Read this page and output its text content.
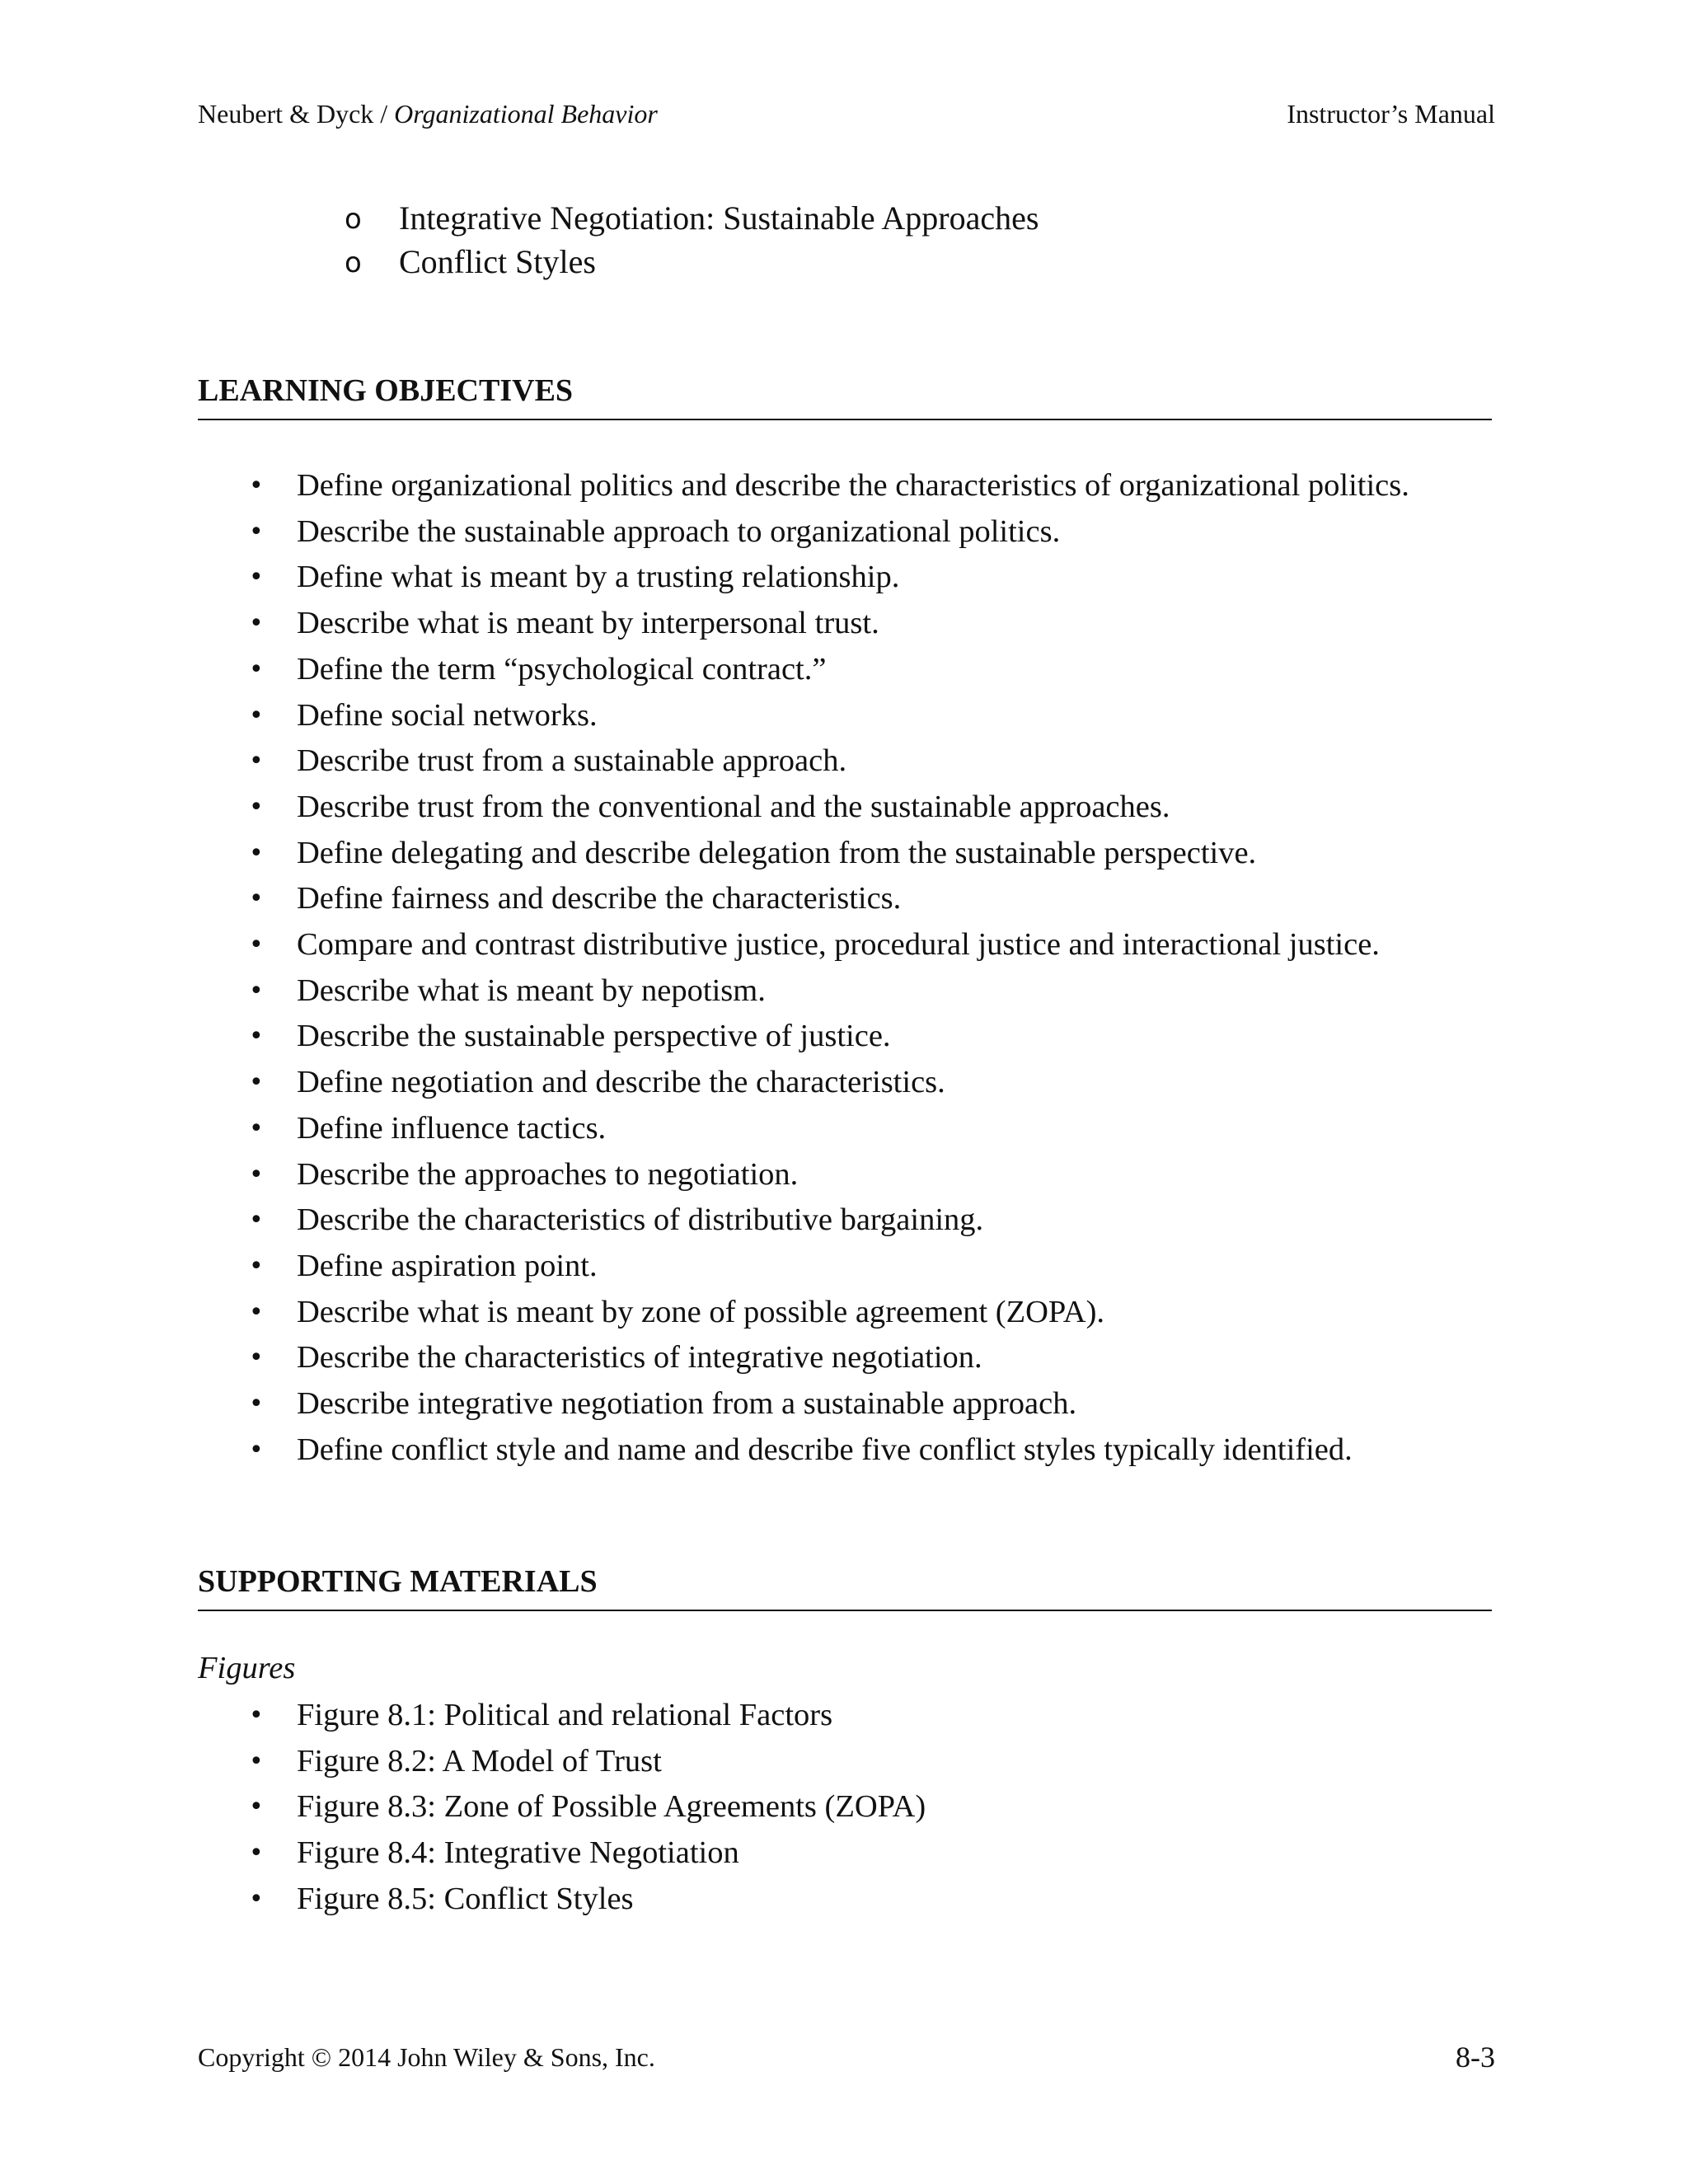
Neubert & Dyck / Organizational Behavior	Instructor’s Manual
o Integrative Negotiation: Sustainable Approaches
o Conflict Styles
LEARNING OBJECTIVES
• Define organizational politics and describe the characteristics of organizational politics.
• Describe the sustainable approach to organizational politics.
• Define what is meant by a trusting relationship.
• Describe what is meant by interpersonal trust.
• Define the term “psychological contract.”
• Define social networks.
• Describe trust from a sustainable approach.
• Describe trust from the conventional and the sustainable approaches.
• Define delegating and describe delegation from the sustainable perspective.
• Define fairness and describe the characteristics.
• Compare and contrast distributive justice, procedural justice and interactional justice.
• Describe what is meant by nepotism.
• Describe the sustainable perspective of justice.
• Define negotiation and describe the characteristics.
• Define influence tactics.
• Describe the approaches to negotiation.
• Describe the characteristics of distributive bargaining.
• Define aspiration point.
• Describe what is meant by zone of possible agreement (ZOPA).
• Describe the characteristics of integrative negotiation.
• Describe integrative negotiation from a sustainable approach.
• Define conflict style and name and describe five conflict styles typically identified.
SUPPORTING MATERIALS
Figures
• Figure 8.1: Political and relational Factors
• Figure 8.2: A Model of Trust
• Figure 8.3: Zone of Possible Agreements (ZOPA)
• Figure 8.4: Integrative Negotiation
• Figure 8.5: Conflict Styles
Copyright © 2014 John Wiley & Sons, Inc.	8-3
